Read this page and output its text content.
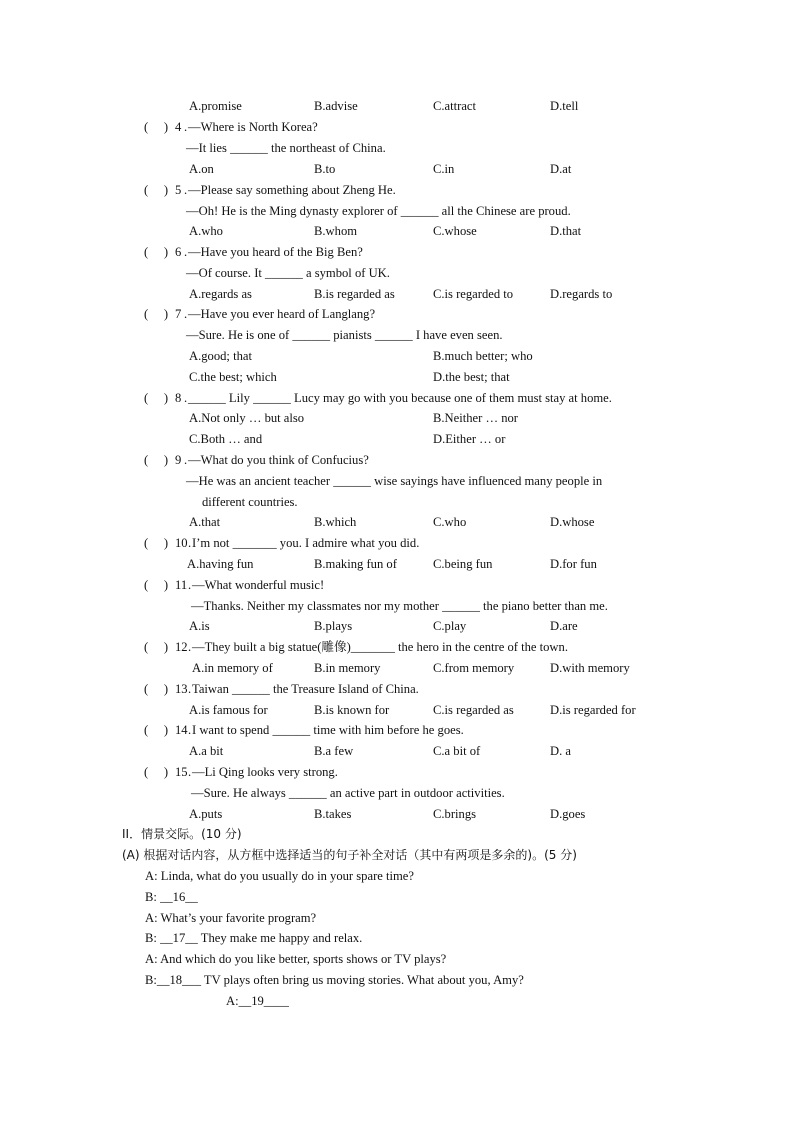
A.promise	B.advise	C.attract	D.tell
(     ) 4 . —Where is North Korea?
—It lies ______ the northeast of China.
A.on	B.to	C.in	D.at
(     ) 5 . —Please say something about Zheng He.
—Oh! He is the Ming dynasty explorer of ______ all the Chinese are proud.
A.who	B.whom	C.whose	D.that
(     ) 6 . —Have you heard of the Big Ben?
—Of course. It ______ a symbol of UK.
A.regards as	B.is regarded as	C.is regarded to	D.regards to
(     ) 7 . —Have you ever heard of Langlang?
—Sure. He is one of ______ pianists ______ I have even seen.
A.good; that	B.much better; who
C.the best; which	D.the best; that
(     ) 8 . ______ Lily ______ Lucy may go with you because one of them must stay at home.
A.Not only … but also	B.Neither … nor
C.Both … and	D.Either … or
(     ) 9 . —What do you think of Confucius?
—He was an ancient teacher ______ wise sayings have influenced many people in
different countries.
A.that	B.which	C.who	D.whose
(     ) 10 . I’m not _______ you. I admire what you did.
A.having fun	B.making fun of	C.being fun	D.for fun
(     ) 11 . —What wonderful music!
—Thanks. Neither my classmates nor my mother ______ the piano better than me.
A.is	B.plays	C.play	D.are
(     ) 12 . —They built a big statue(雕像)_______ the hero in the centre of the town.
A.in memory of	B.in memory	C.from memory	D.with memory
(     ) 13 . Taiwan ______ the Treasure Island of China.
A.is famous for	B.is known for	C.is regarded as	D.is regarded for
(     ) 14 . I want to spend ______ time with him before he goes.
A.a bit	B.a few	C.a bit of	D. a
(     ) 15 . —Li Qing looks very strong.
—Sure. He always ______ an active part in outdoor activities.
A.puts	B.takes	C.brings	D.goes
II．情景交际。(10 分)
(A) 根据对话内容，从方框中选择适当的句子补全对话（其中有两项是多余的)。(5 分)
A: Linda, what do you usually do in your spare time?
B: __16__
A: What’s your favorite program?
B: __17__ They make me happy and relax.
A: And which do you like better, sports shows or TV plays?
B:__18___ TV plays often bring us moving stories. What about you, Amy?
A:__19____
